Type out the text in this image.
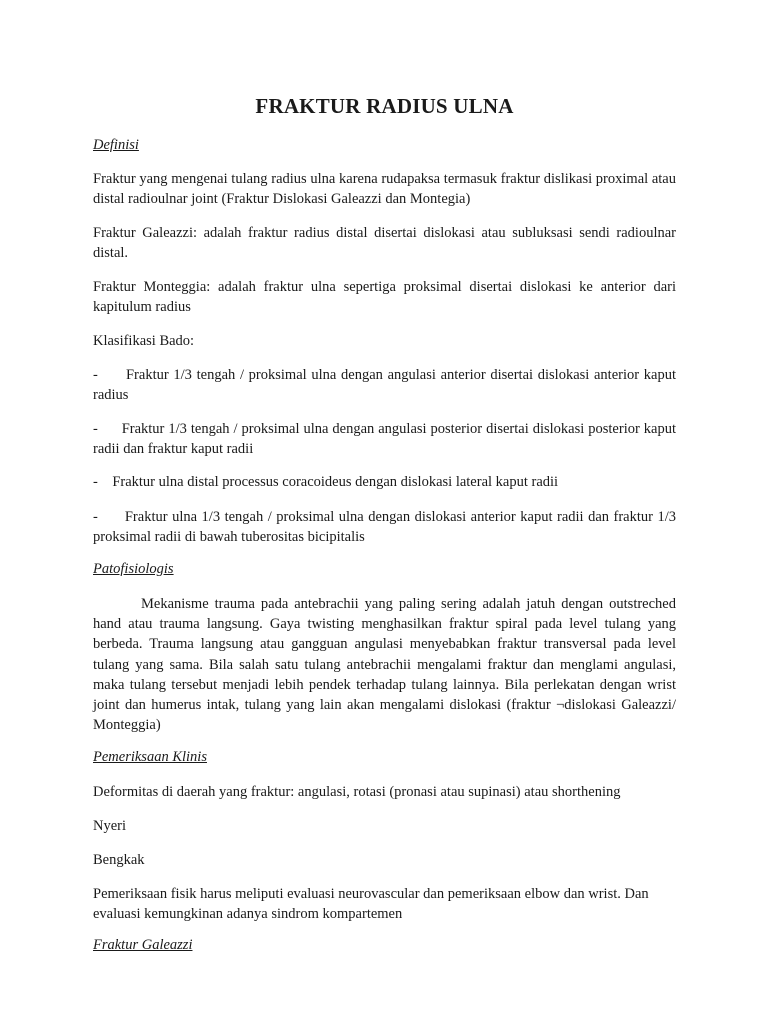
FRAKTUR RADIUS ULNA
Definisi
Fraktur yang mengenai tulang radius ulna karena rudapaksa termasuk fraktur dislikasi proximal atau distal radioulnar joint (Fraktur Dislokasi Galeazzi dan Montegia)
Fraktur Galeazzi: adalah fraktur radius distal disertai dislokasi atau subluksasi sendi radioulnar distal.
Fraktur Monteggia: adalah fraktur ulna sepertiga proksimal disertai dislokasi ke anterior dari kapitulum radius
Klasifikasi Bado:
-      Fraktur 1/3 tengah / proksimal ulna dengan angulasi anterior disertai dislokasi anterior kaput radius
-      Fraktur 1/3 tengah / proksimal ulna dengan angulasi posterior disertai dislokasi posterior kaput radii dan fraktur kaput radii
-    Fraktur ulna distal processus coracoideus dengan dislokasi lateral kaput radii
-      Fraktur ulna 1/3 tengah / proksimal ulna dengan dislokasi anterior kaput radii dan fraktur 1/3 proksimal radii di bawah tuberositas bicipitalis
Patofisiologis
Mekanisme trauma pada antebrachii yang paling sering adalah jatuh dengan outstreched hand atau trauma langsung. Gaya twisting menghasilkan fraktur spiral pada level tulang yang berbeda. Trauma langsung atau gangguan angulasi menyebabkan fraktur transversal pada level tulang yang sama. Bila salah satu tulang antebrachii mengalami fraktur dan menglami angulasi, maka tulang tersebut menjadi lebih pendek terhadap tulang lainnya. Bila perlekatan dengan wrist joint dan humerus intak, tulang yang lain akan mengalami dislokasi (fraktur ¬dislokasi Galeazzi/ Monteggia)
Pemeriksaan Klinis
Deformitas di daerah yang fraktur: angulasi, rotasi (pronasi atau supinasi) atau shorthening
Nyeri
Bengkak
Pemeriksaan fisik harus meliputi evaluasi neurovascular dan pemeriksaan elbow dan wrist. Dan evaluasi kemungkinan adanya sindrom kompartemen
Fraktur Galeazzi
